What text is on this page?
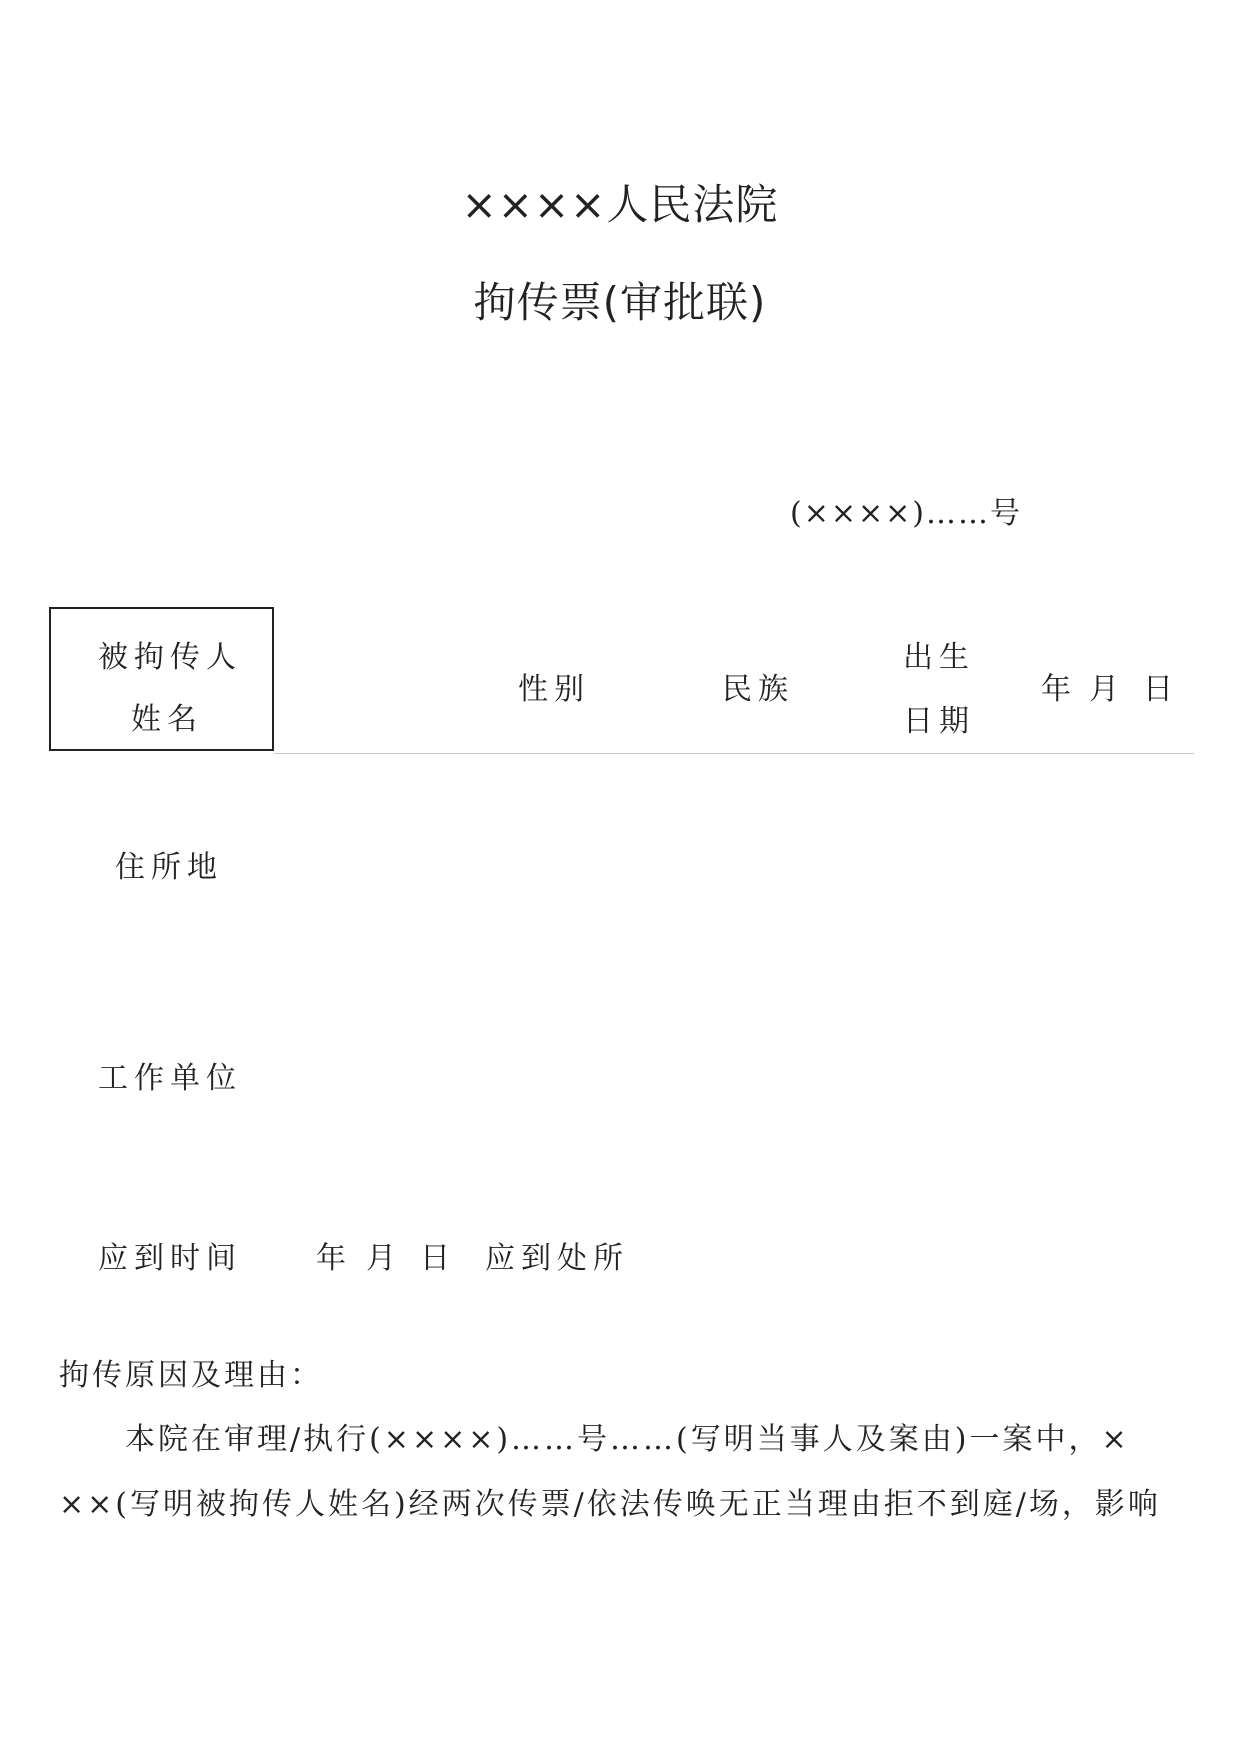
××××人民法院
拘传票(审批联)
(××××)……号
被拘传人
姓名
性别	民族
出生
日期
年 月 日
住所地
工作单位
应到时间 年 月 日 应到处所
拘传原因及理由：
本院在审理/执行(××××)……号……(写明当事人及案由)一案中，×
××(写明被拘传人姓名)经两次传票/依法传唤无正当理由拒不到庭/场，影响
